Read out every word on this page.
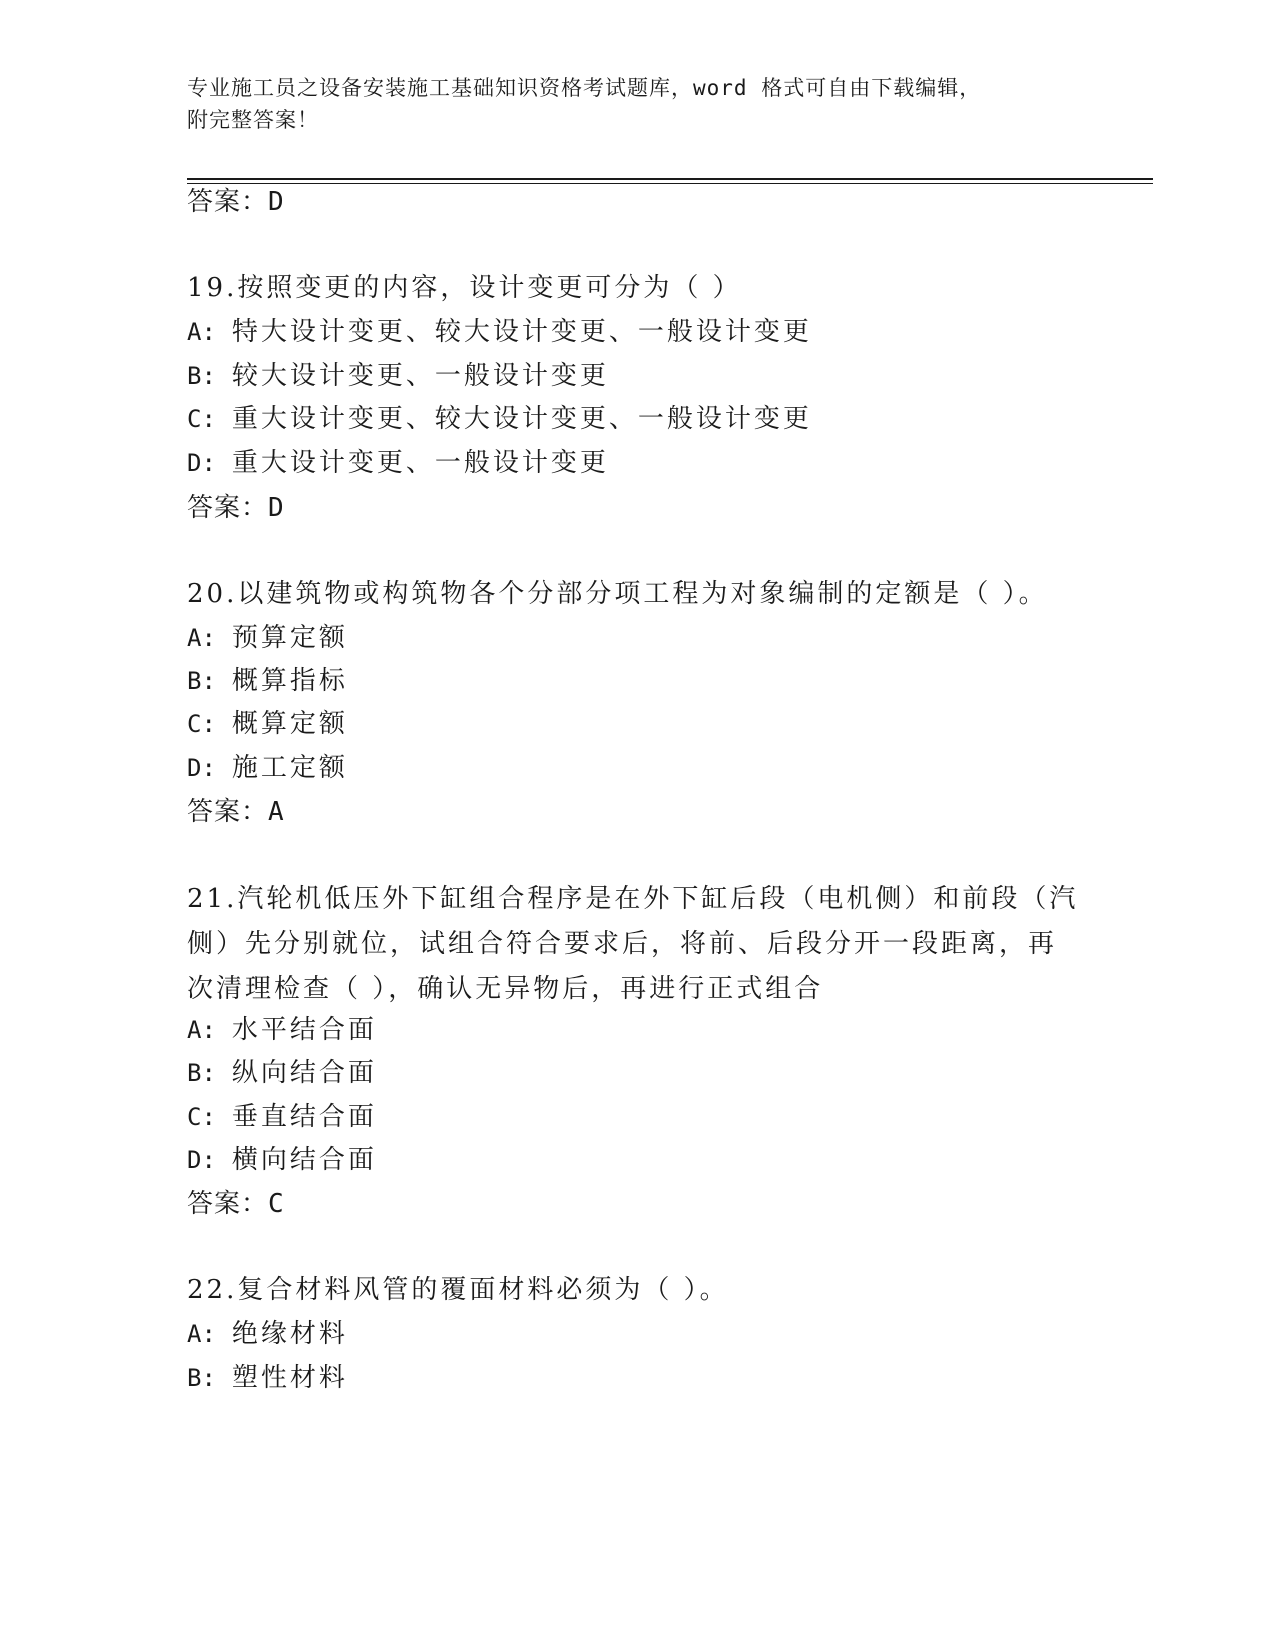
专业施工员之设备安装施工基础知识资格考试题库，word 格式可自由下载编辑，
附完整答案！
答案：D
19.按照变更的内容，设计变更可分为（ ）
A: 特大设计变更、较大设计变更、一般设计变更
B: 较大设计变更、一般设计变更
C: 重大设计变更、较大设计变更、一般设计变更
D: 重大设计变更、一般设计变更
答案：D
20.以建筑物或构筑物各个分部分项工程为对象编制的定额是（ ）。
A: 预算定额
B: 概算指标
C: 概算定额
D: 施工定额
答案：A
21.汽轮机低压外下缸组合程序是在外下缸后段（电机侧）和前段（汽
侧）先分别就位，试组合符合要求后，将前、后段分开一段距离，再
次清理检查（ ），确认无异物后，再进行正式组合
A: 水平结合面
B: 纵向结合面
C: 垂直结合面
D: 横向结合面
答案：C
22.复合材料风管的覆面材料必须为（ ）。
A: 绝缘材料
B: 塑性材料
